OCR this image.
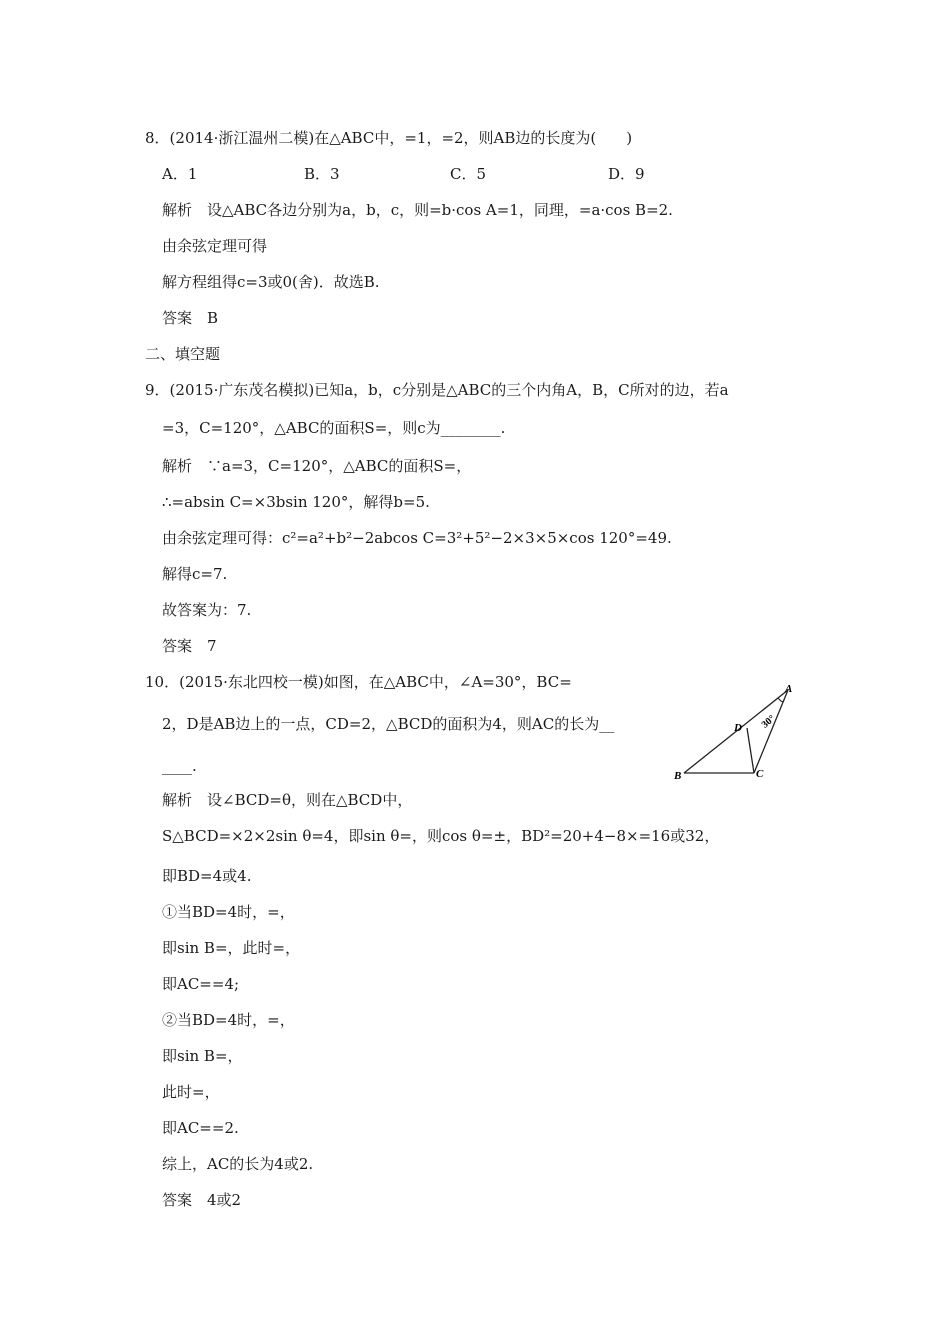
8．(2014·浙江温州二模)在△ABC中，=1，=2，则AB边的长度为(　　)
A．1	B．3	C．5	D．9
解析　设△ABC各边分别为a，b，c，则=b·cos A=1，同理，=a·cos B=2.
由余弦定理可得
解方程组得c=3或0(舍)．故选B.
答案　B
二、填空题
9．(2015·广东茂名模拟)已知a，b，c分别是△ABC的三个内角A，B，C所对的边，若a
=3，C=120°，△ABC的面积S=，则c为________.
解析　∵a=3，C=120°，△ABC的面积S=，
∴=absin C=×3bsin 120°，解得b=5.
由余弦定理可得：c²=a²+b²−2abcos C=3²+5²−2×3×5×cos 120°=49.
解得c=7.
故答案为：7.
答案　7
10．(2015·东北四校一模)如图，在△ABC中，∠A=30°，BC=
2，D是AB边上的一点，CD=2，△BCD的面积为4，则AC的长为__
____.
A
B	C
D 30°
解析　设∠BCD=θ，则在△BCD中，
S△BCD=×2×2sin θ=4，即sin θ=，则cos θ=±，BD²=20+4−8×=16或32，
即BD=4或4.
①当BD=4时，=，
即sin B=，此时=，
即AC==4;
②当BD=4时，=，
即sin B=，
此时=，
即AC==2.
综上，AC的长为4或2.
答案　4或2
